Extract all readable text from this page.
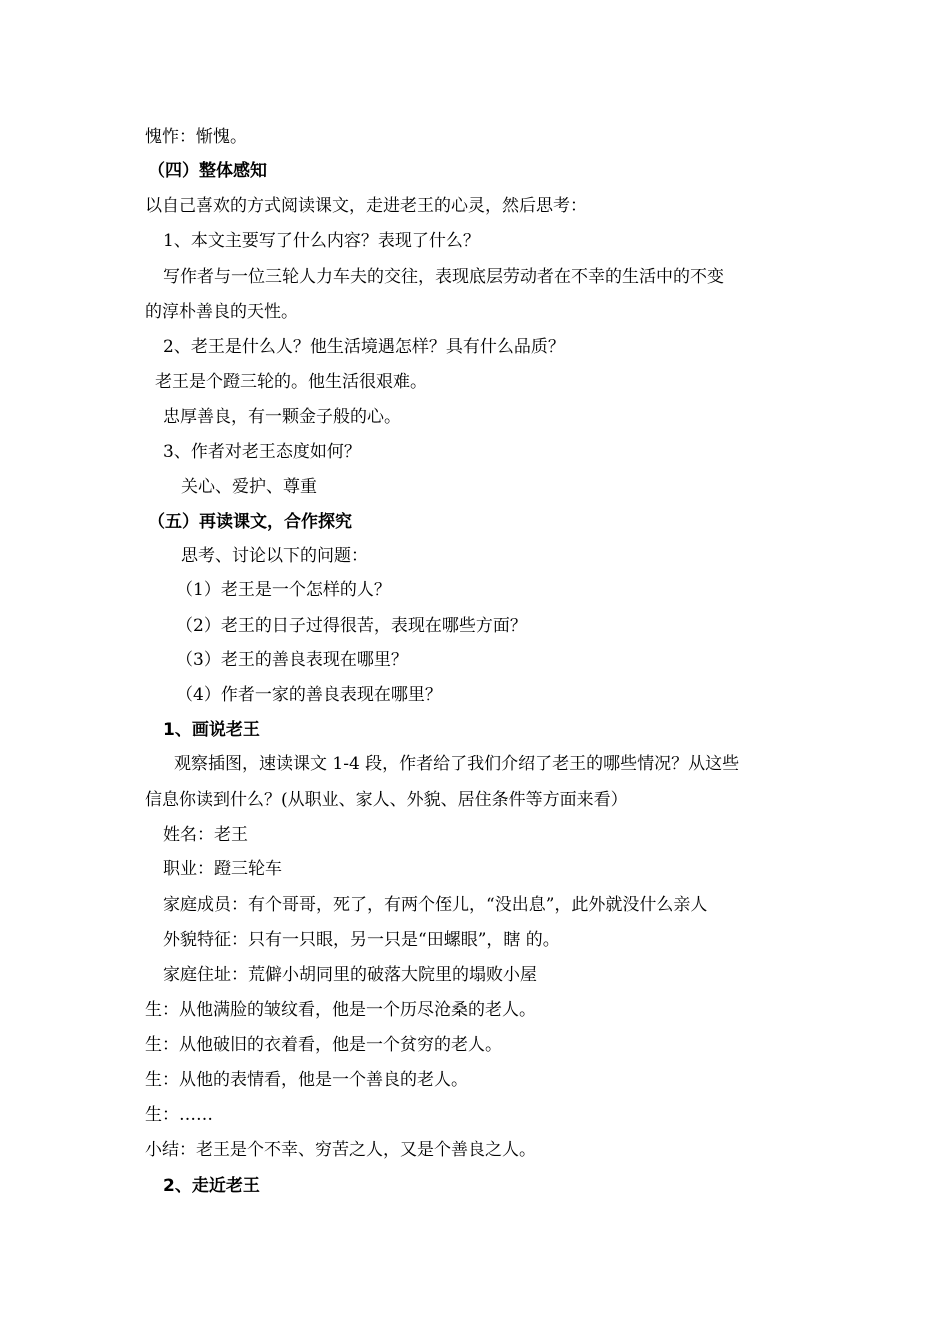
愧怍：惭愧。
（四）整体感知
以自己喜欢的方式阅读课文，走进老王的心灵，然后思考：
1、本文主要写了什么内容？表现了什么？
写作者与一位三轮人力车夫的交往，表现底层劳动者在不幸的生活中的不变
的淳朴善良的天性。
2、老王是什么人？他生活境遇怎样？具有什么品质？
老王是个蹬三轮的。他生活很艰难。
忠厚善良，有一颗金子般的心。
3、作者对老王态度如何？
关心、爱护、尊重
（五）再读课文，合作探究
思考、讨论以下的问题：
（1）老王是一个怎样的人？
（2）老王的日子过得很苦，表现在哪些方面？
（3）老王的善良表现在哪里？
（4）作者一家的善良表现在哪里？
1、画说老王
观察插图，速读课文 1-4 段，作者给了我们介绍了老王的哪些情况？从这些
信息你读到什么？(从职业、家人、外貌、居住条件等方面来看）
姓名：老王
职业：蹬三轮车
家庭成员：有个哥哥，死了，有两个侄儿，“没出息”，此外就没什么亲人
外貌特征：只有一只眼，另一只是“田螺眼”，瞎 的。
家庭住址：荒僻小胡同里的破落大院里的塌败小屋
生：从他满脸的皱纹看，他是一个历尽沧桑的老人。
生：从他破旧的衣着看，他是一个贫穷的老人。
生：从他的表情看，他是一个善良的老人。
生：……
小结：老王是个不幸、穷苦之人，又是个善良之人。
2、走近老王
